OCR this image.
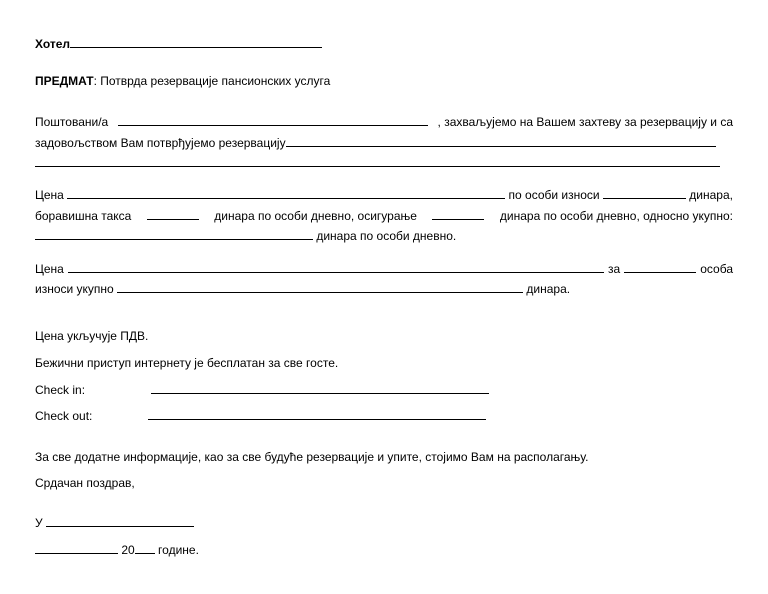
Хотел
ПРЕДМАТ: Потврда резервације пансионских услуга
Поштовани/а	, захваљујемо на Вашем захтеву за резервацију и са
задовољством Вам потврђујемо резервацију
Цена	по особи износи	динара,
боравишна такса	динара по особи дневно, осигурање	динара по особи дневно, односно укупно:
динара по особи дневно.
Цена	за	особа
износи укупно	динара.
Цена укључује ПДВ.
Бежични приступ интернету је бесплатан за све госте.
Check in:
Check out:
За све додатне информације, као за све будуће резервације и упите, стојимо Вам на располагању.
Срдачан поздрав,
У
20 године.
